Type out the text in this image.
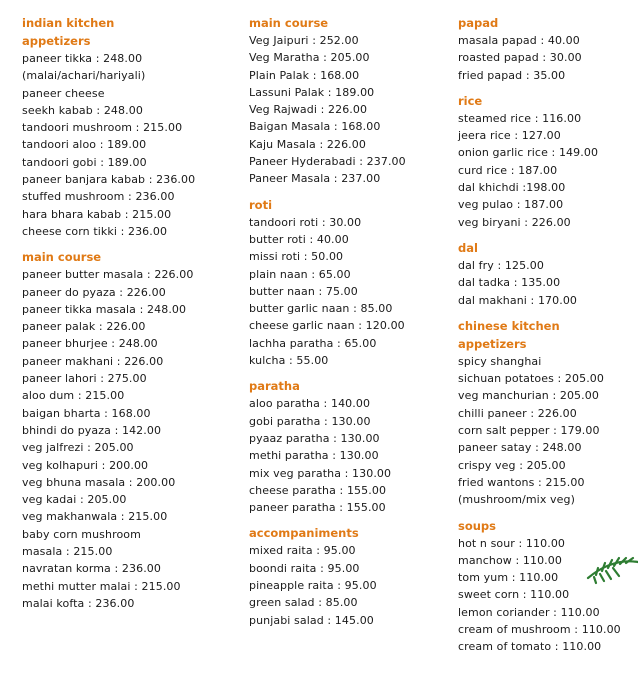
indian kitchen
appetizers
paneer tikka : 248.00
(malai/achari/hariyali)
paneer cheese
seekh kabab : 248.00
tandoori mushroom : 215.00
tandoori aloo : 189.00
tandoori gobi : 189.00
paneer banjara kabab : 236.00
stuffed mushroom : 236.00
hara bhara kabab : 215.00
cheese corn tikki : 236.00
main course
paneer butter masala : 226.00
paneer do pyaza : 226.00
paneer tikka masala : 248.00
paneer palak : 226.00
paneer bhurjee : 248.00
paneer makhani : 226.00
paneer lahori : 275.00
aloo dum : 215.00
baigan bharta : 168.00
bhindi do pyaza : 142.00
veg jalfrezi : 205.00
veg kolhapuri : 200.00
veg bhuna masala : 200.00
veg kadai : 205.00
veg makhanwala : 215.00
baby corn mushroom
masala : 215.00
navratan korma : 236.00
methi mutter malai : 215.00
malai kofta : 236.00
main course
Veg Jaipuri : 252.00
Veg Maratha : 205.00
Plain Palak : 168.00
Lassuni Palak : 189.00
Veg Rajwadi : 226.00
Baigan Masala : 168.00
Kaju Masala : 226.00
Paneer Hyderabadi : 237.00
Paneer Masala : 237.00
roti
tandoori roti : 30.00
butter roti : 40.00
missi roti : 50.00
plain naan : 65.00
butter naan : 75.00
butter garlic naan : 85.00
cheese garlic naan : 120.00
lachha paratha : 65.00
kulcha : 55.00
paratha
aloo paratha : 140.00
gobi paratha : 130.00
pyaaz paratha : 130.00
methi paratha : 130.00
mix veg paratha : 130.00
cheese paratha : 155.00
paneer paratha : 155.00
accompaniments
mixed raita : 95.00
boondi raita : 95.00
pineapple raita : 95.00
green salad : 85.00
punjabi salad : 145.00
papad
masala papad : 40.00
roasted papad : 30.00
fried papad : 35.00
rice
steamed rice : 116.00
jeera rice : 127.00
onion garlic rice : 149.00
curd rice : 187.00
dal khichdi :198.00
veg pulao : 187.00
veg biryani : 226.00
dal
dal fry : 125.00
dal tadka : 135.00
dal makhani : 170.00
chinese kitchen
appetizers
spicy shanghai
sichuan potatoes : 205.00
veg manchurian : 205.00
chilli paneer : 226.00
corn salt pepper : 179.00
paneer satay : 248.00
crispy veg : 205.00
fried wantons : 215.00
(mushroom/mix veg)
soups
hot n sour : 110.00
manchow : 110.00
tom yum : 110.00
sweet corn : 110.00
lemon coriander : 110.00
cream of mushroom : 110.00
cream of tomato : 110.00
